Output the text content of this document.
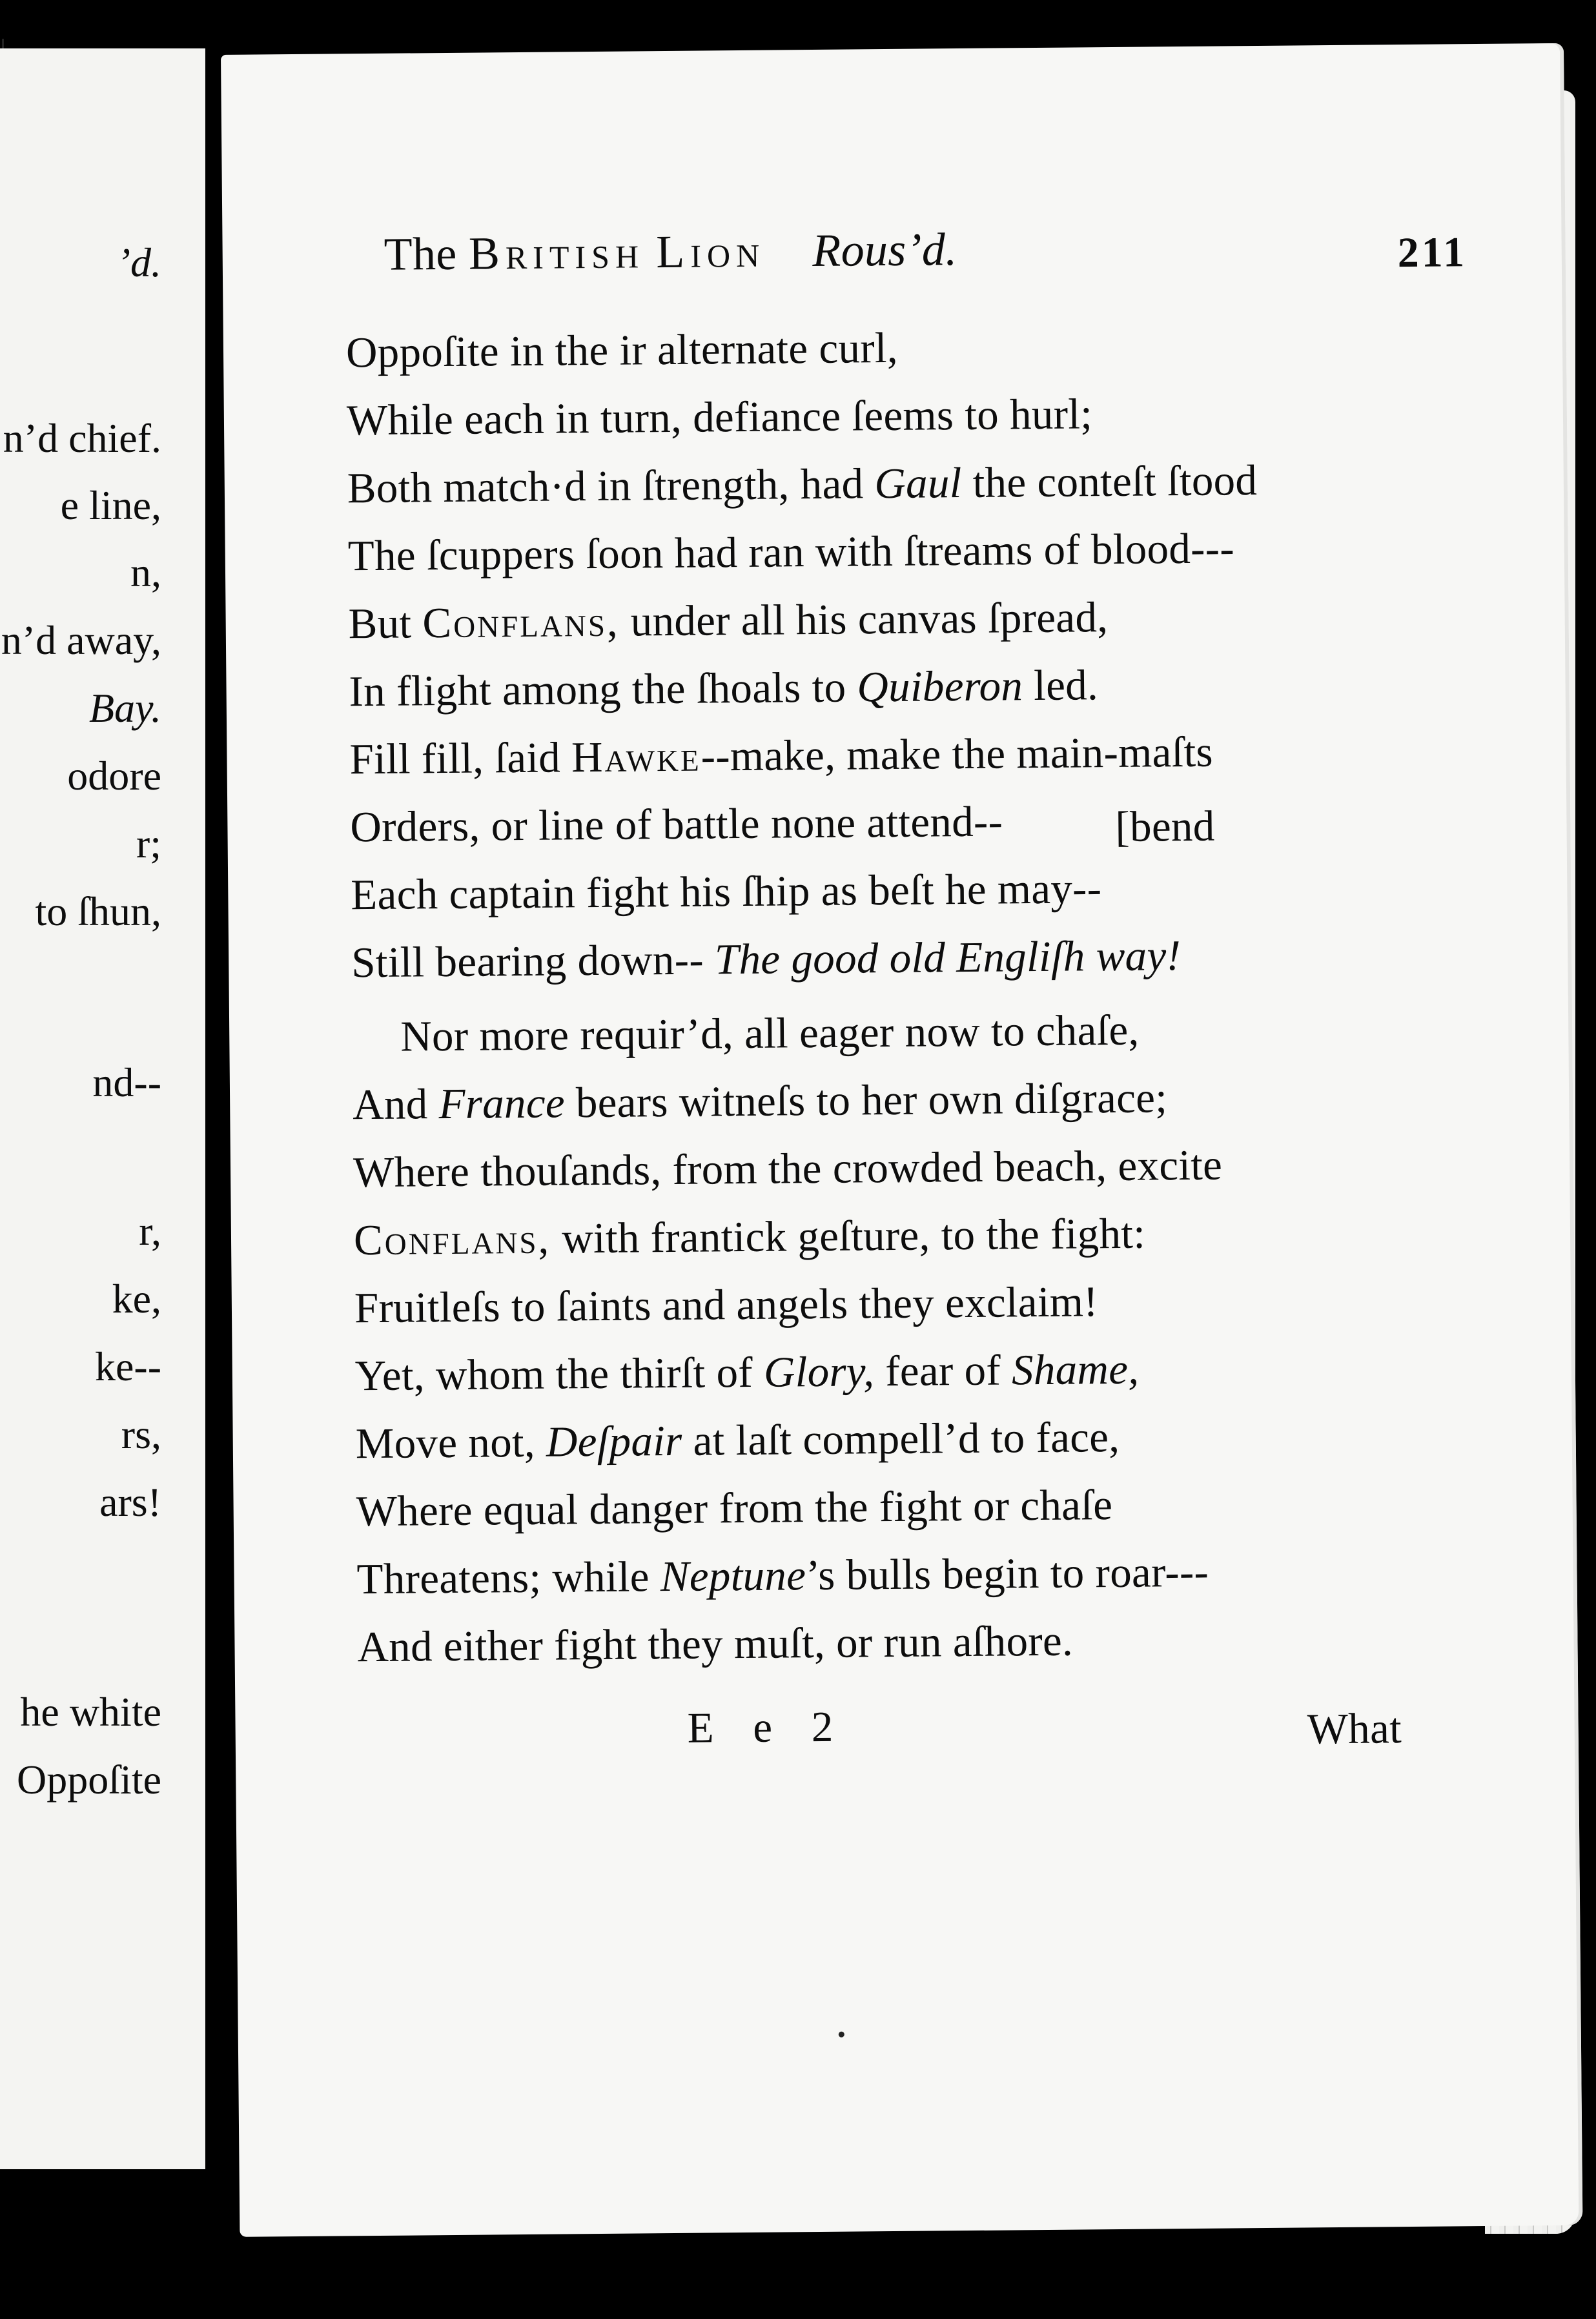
’d.
n’d chief.
e line,
n,
n’d away,
Bay.
odore
r;
to ſhun,
nd--
r,
ke,
ke--
rs,
ars!
he white
Oppoſite
The British Lion Rous’d.	211
Oppoſite in the ir alternate curl,
While each in turn, defiance ſeems to hurl;
Both match·d in ſtrength, had Gaul the conteſt ſtood
The ſcuppers ſoon had ran with ſtreams of blood---
But Conflans, under all his canvas ſpread,
In flight among the ſhoals to Quiberon led.
Fill fill, ſaid Hawke--make, make the main-maſts
Orders, or line of battle none attend--	[bend
Each captain fight his ſhip as beſt he may--
Still bearing down-- The good old Engliſh way!
Nor more requir’d, all eager now to chaſe,
And France bears witneſs to her own diſgrace;
Where thouſands, from the crowded beach, excite
Conflans, with frantick geſture, to the fight:
Fruitleſs to ſaints and angels they exclaim!
Yet, whom the thirſt of Glory, fear of Shame,
Move not, Deſpair at laſt compell’d to face,
Where equal danger from the fight or chaſe
Threatens; while Neptune’s bulls begin to roar---
And either fight they muſt, or run aſhore.
E e 2	What
